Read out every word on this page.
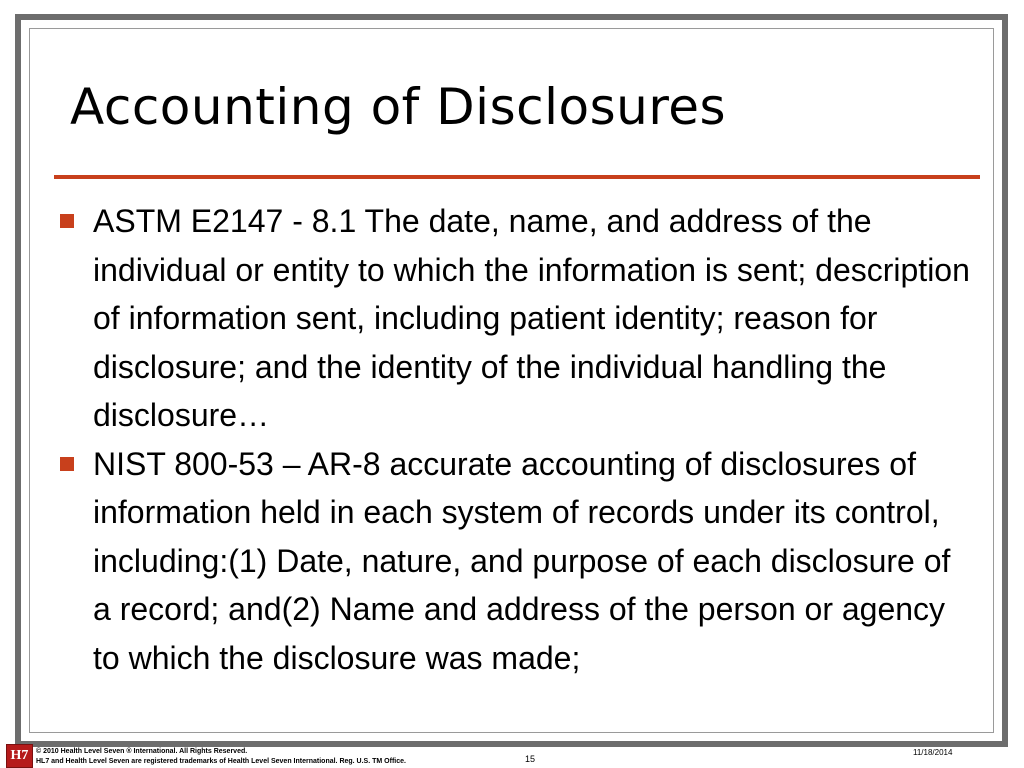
Accounting of Disclosures
ASTM E2147 - 8.1 The date, name, and address of the individual or entity to which the information is sent; description of information sent, including patient identity; reason for disclosure; and the identity of the individual handling the disclosure…
NIST 800-53 – AR-8 accurate accounting of disclosures of information held in each system of records under its control, including:(1) Date, nature, and purpose of each disclosure of a record; and(2) Name and address of the person or agency to which the disclosure was made;
H7	© 2010 Health Level Seven ® International. All Rights Reserved.
HL7 and Health Level Seven are registered trademarks of Health Level Seven International. Reg. U.S. TM Office.	15
11/18/2014
